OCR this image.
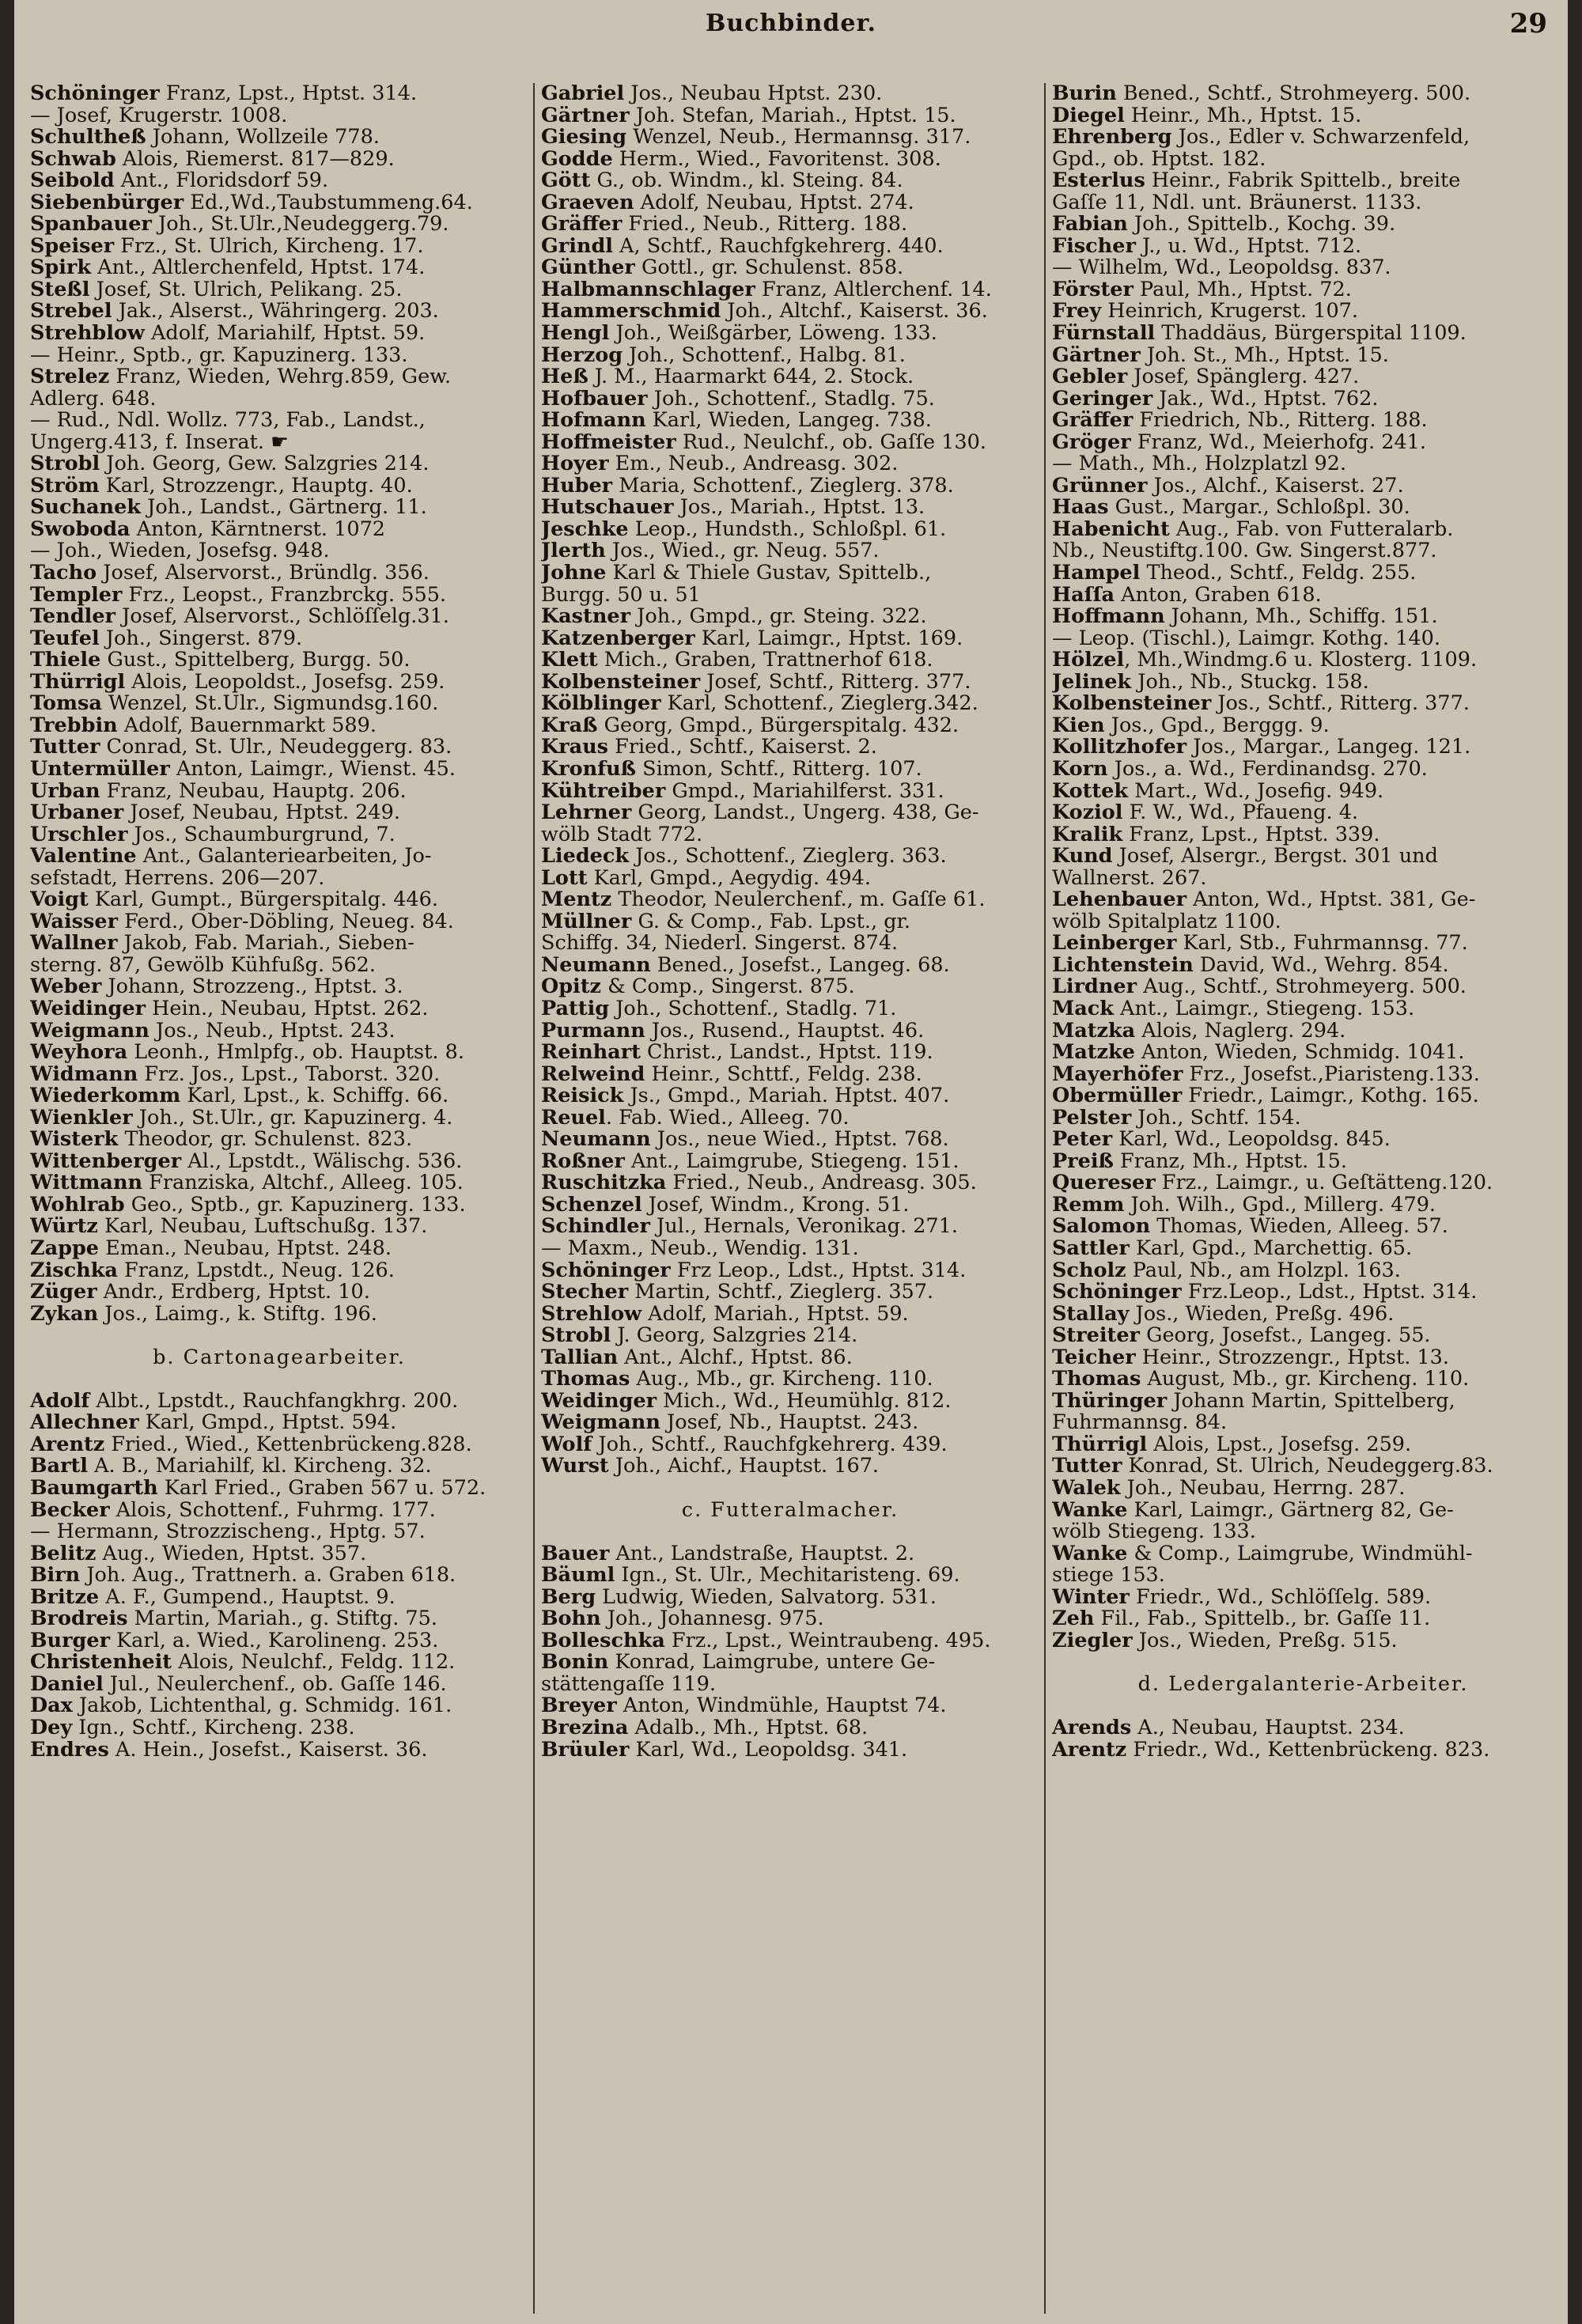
Buchbinder.	29
Schöninger Franz, Lpst., Hptst. 314.
— Josef, Krugerstr. 1008.
Schultheß Johann, Wollzeile 778.
Schwab Alois, Riemerst. 817—829.
Seibold Ant., Floridsdorf 59.
Siebenbürger Ed.,Wd.,Taubstummeng.64.
Spanbauer Joh., St.Ulr.,Neudeggerg.79.
Speiser Frz., St. Ulrich, Kircheng. 17.
Spirk Ant., Altlerchenfeld, Hptst. 174.
Steßl Josef, St. Ulrich, Pelikang. 25.
Strebel Jak., Alserst., Währingerg. 203.
Strehblow Adolf, Mariahilf, Hptst. 59.
— Heinr., Sptb., gr. Kapuzinerg. 133.
Strelez Franz, Wieden, Wehrg.859, Gew.
Adlerg. 648.
— Rud., Ndl. Wollz. 773, Fab., Landst.,
Ungerg.413, f. Inserat. ☛
Strobl Joh. Georg, Gew. Salzgries 214.
Ström Karl, Strozzengr., Hauptg. 40.
Suchanek Joh., Landst., Gärtnerg. 11.
Swoboda Anton, Kärntnerst. 1072
— Joh., Wieden, Josefsg. 948.
Tacho Josef, Alservorst., Bründlg. 356.
Templer Frz., Leopst., Franzbrckg. 555.
Tendler Josef, Alservorst., Schlöſſelg.31.
Teufel Joh., Singerst. 879.
Thiele Gust., Spittelberg, Burgg. 50.
Thürrigl Alois, Leopoldst., Josefsg. 259.
Tomsa Wenzel, St.Ulr., Sigmundsg.160.
Trebbin Adolf, Bauernmarkt 589.
Tutter Conrad, St. Ulr., Neudeggerg. 83.
Untermüller Anton, Laimgr., Wienst. 45.
Urban Franz, Neubau, Hauptg. 206.
Urbaner Josef, Neubau, Hptst. 249.
Urschler Jos., Schaumburgrund, 7.
Valentine Ant., Galanteriearbeiten, Jo-
sefstadt, Herrens. 206—207.
Voigt Karl, Gumpt., Bürgerspitalg. 446.
Waisser Ferd., Ober-Döbling, Neueg. 84.
Wallner Jakob, Fab. Mariah., Sieben-
sterng. 87, Gewölb Kühfußg. 562.
Weber Johann, Strozzeng., Hptst. 3.
Weidinger Hein., Neubau, Hptst. 262.
Weigmann Jos., Neub., Hptst. 243.
Weyhora Leonh., Hmlpfg., ob. Hauptst. 8.
Widmann Frz. Jos., Lpst., Taborst. 320.
Wiederkomm Karl, Lpst., k. Schiffg. 66.
Wienkler Joh., St.Ulr., gr. Kapuzinerg. 4.
Wisterk Theodor, gr. Schulenst. 823.
Wittenberger Al., Lpstdt., Wälischg. 536.
Wittmann Franziska, Altchf., Alleeg. 105.
Wohlrab Geo., Sptb., gr. Kapuzinerg. 133.
Würtz Karl, Neubau, Luftschußg. 137.
Zappe Eman., Neubau, Hptst. 248.
Zischka Franz, Lpstdt., Neug. 126.
Züger Andr., Erdberg, Hptst. 10.
Zykan Jos., Laimg., k. Stiftg. 196.

b. Cartonagearbeiter.

Adolf Albt., Lpstdt., Rauchfangkhrg. 200.
Allechner Karl, Gmpd., Hptst. 594.
Arentz Fried., Wied., Kettenbrückeng.828.
Bartl A. B., Mariahilf, kl. Kircheng. 32.
Baumgarth Karl Fried., Graben 567 u. 572.
Becker Alois, Schottenf., Fuhrmg. 177.
— Hermann, Strozzischeng., Hptg. 57.
Belitz Aug., Wieden, Hptst. 357.
Birn Joh. Aug., Trattnerh. a. Graben 618.
Britze A. F., Gumpend., Hauptst. 9.
Brodreis Martin, Mariah., g. Stiftg. 75.
Burger Karl, a. Wied., Karolineng. 253.
Christenheit Alois, Neulchf., Feldg. 112.
Daniel Jul., Neulerchenf., ob. Gaſſe 146.
Dax Jakob, Lichtenthal, g. Schmidg. 161.
Dey Ign., Schtf., Kircheng. 238.
Endres A. Hein., Josefst., Kaiserst. 36.
Gabriel Jos., Neubau Hptst. 230.
Gärtner Joh. Stefan, Mariah., Hptst. 15.
Giesing Wenzel, Neub., Hermannsg. 317.
Godde Herm., Wied., Favoritenst. 308.
Gött G., ob. Windm., kl. Steing. 84.
Graeven Adolf, Neubau, Hptst. 274.
Gräffer Fried., Neub., Ritterg. 188.
Grindl A, Schtf., Rauchfgkehrerg. 440.
Günther Gottl., gr. Schulenst. 858.
Halbmannschlager Franz, Altlerchenf. 14.
Hammerschmid Joh., Altchf., Kaiserst. 36.
Hengl Joh., Weißgärber, Löweng. 133.
Herzog Joh., Schottenf., Halbg. 81.
Heß J. M., Haarmarkt 644, 2. Stock.
Hofbauer Joh., Schottenf., Stadlg. 75.
Hofmann Karl, Wieden, Langeg. 738.
Hoffmeister Rud., Neulchf., ob. Gaſſe 130.
Hoyer Em., Neub., Andreasg. 302.
Huber Maria, Schottenf., Zieglerg. 378.
Hutschauer Jos., Mariah., Hptst. 13.
Jeschke Leop., Hundsth., Schloßpl. 61.
Jlerth Jos., Wied., gr. Neug. 557.
Johne Karl & Thiele Gustav, Spittelb.,
Burgg. 50 u. 51
Kastner Joh., Gmpd., gr. Steing. 322.
Katzenberger Karl, Laimgr., Hptst. 169.
Klett Mich., Graben, Trattnerhof 618.
Kolbensteiner Josef, Schtf., Ritterg. 377.
Kölblinger Karl, Schottenf., Zieglerg.342.
Kraß Georg, Gmpd., Bürgerspitalg. 432.
Kraus Fried., Schtf., Kaiserst. 2.
Kronfuß Simon, Schtf., Ritterg. 107.
Kühtreiber Gmpd., Mariahilferst. 331.
Lehrner Georg, Landst., Ungerg. 438, Ge-
wölb Stadt 772.
Liedeck Jos., Schottenf., Zieglerg. 363.
Lott Karl, Gmpd., Aegydig. 494.
Mentz Theodor, Neulerchenf., m. Gaſſe 61.
Müllner G. & Comp., Fab. Lpst., gr.
Schiffg. 34, Niederl. Singerst. 874.
Neumann Bened., Josefst., Langeg. 68.
Opitz & Comp., Singerst. 875.
Pattig Joh., Schottenf., Stadlg. 71.
Purmann Jos., Rusend., Hauptst. 46.
Reinhart Christ., Landst., Hptst. 119.
Relweind Heinr., Schttf., Feldg. 238.
Reisick Js., Gmpd., Mariah. Hptst. 407.
Reuel. Fab. Wied., Alleeg. 70.
Neumann Jos., neue Wied., Hptst. 768.
Roßner Ant., Laimgrube, Stiegeng. 151.
Ruschitzka Fried., Neub., Andreasg. 305.
Schenzel Josef, Windm., Krong. 51.
Schindler Jul., Hernals, Veronikag. 271.
— Maxm., Neub., Wendig. 131.
Schöninger Frz Leop., Ldst., Hptst. 314.
Stecher Martin, Schtf., Zieglerg. 357.
Strehlow Adolf, Mariah., Hptst. 59.
Strobl J. Georg, Salzgries 214.
Tallian Ant., Alchf., Hptst. 86.
Thomas Aug., Mb., gr. Kircheng. 110.
Weidinger Mich., Wd., Heumühlg. 812.
Weigmann Josef, Nb., Hauptst. 243.
Wolf Joh., Schtf., Rauchfgkehrerg. 439.
Wurst Joh., Aichf., Hauptst. 167.

c. Futteralmacher.

Bauer Ant., Landstraße, Hauptst. 2.
Bäuml Ign., St. Ulr., Mechitaristeng. 69.
Berg Ludwig, Wieden, Salvatorg. 531.
Bohn Joh., Johannesg. 975.
Bolleschka Frz., Lpst., Weintraubeng. 495.
Bonin Konrad, Laimgrube, untere Ge-
stättengaſſe 119.
Breyer Anton, Windmühle, Hauptst 74.
Brezina Adalb., Mh., Hptst. 68.
Brüuler Karl, Wd., Leopoldsg. 341.
Burin Bened., Schtf., Strohmeyerg. 500.
Diegel Heinr., Mh., Hptst. 15.
Ehrenberg Jos., Edler v. Schwarzenfeld,
Gpd., ob. Hptst. 182.
Esterlus Heinr., Fabrik Spittelb., breite
Gaſſe 11, Ndl. unt. Bräunerst. 1133.
Fabian Joh., Spittelb., Kochg. 39.
Fischer J., u. Wd., Hptst. 712.
— Wilhelm, Wd., Leopoldsg. 837.
Förster Paul, Mh., Hptst. 72.
Frey Heinrich, Krugerst. 107.
Fürnstall Thaddäus, Bürgerspital 1109.
Gärtner Joh. St., Mh., Hptst. 15.
Gebler Josef, Spänglerg. 427.
Geringer Jak., Wd., Hptst. 762.
Gräffer Friedrich, Nb., Ritterg. 188.
Gröger Franz, Wd., Meierhofg. 241.
— Math., Mh., Holzplatzl 92.
Grünner Jos., Alchf., Kaiserst. 27.
Haas Gust., Margar., Schloßpl. 30.
Habenicht Aug., Fab. von Futteralarb.
Nb., Neustiftg.100. Gw. Singerst.877.
Hampel Theod., Schtf., Feldg. 255.
Haſſa Anton, Graben 618.
Hoffmann Johann, Mh., Schiffg. 151.
— Leop. (Tischl.), Laimgr. Kothg. 140.
Hölzel, Mh.,Windmg.6 u. Klosterg. 1109.
Jelinek Joh., Nb., Stuckg. 158.
Kolbensteiner Jos., Schtf., Ritterg. 377.
Kien Jos., Gpd., Berggg. 9.
Kollitzhofer Jos., Margar., Langeg. 121.
Korn Jos., a. Wd., Ferdinandsg. 270.
Kottek Mart., Wd., Josefig. 949.
Koziol F. W., Wd., Pfaueng. 4.
Kralik Franz, Lpst., Hptst. 339.
Kund Josef, Alsergr., Bergst. 301 und
Wallnerst. 267.
Lehenbauer Anton, Wd., Hptst. 381, Ge-
wölb Spitalplatz 1100.
Leinberger Karl, Stb., Fuhrmannsg. 77.
Lichtenstein David, Wd., Wehrg. 854.
Lirdner Aug., Schtf., Strohmeyerg. 500.
Mack Ant., Laimgr., Stiegeng. 153.
Matzka Alois, Naglerg. 294.
Matzke Anton, Wieden, Schmidg. 1041.
Mayerhöfer Frz., Josefst.,Piaristeng.133.
Obermüller Friedr., Laimgr., Kothg. 165.
Pelster Joh., Schtf. 154.
Peter Karl, Wd., Leopoldsg. 845.
Preiß Franz, Mh., Hptst. 15.
Quereser Frz., Laimgr., u. Geſtätteng.120.
Remm Joh. Wilh., Gpd., Millerg. 479.
Salomon Thomas, Wieden, Alleeg. 57.
Sattler Karl, Gpd., Marchettig. 65.
Scholz Paul, Nb., am Holzpl. 163.
Schöninger Frz.Leop., Ldst., Hptst. 314.
Stallay Jos., Wieden, Preßg. 496.
Streiter Georg, Josefst., Langeg. 55.
Teicher Heinr., Strozzengr., Hptst. 13.
Thomas August, Mb., gr. Kircheng. 110.
Thüringer Johann Martin, Spittelberg,
Fuhrmannsg. 84.
Thürrigl Alois, Lpst., Josefsg. 259.
Tutter Konrad, St. Ulrich, Neudeggerg.83.
Walek Joh., Neubau, Herrng. 287.
Wanke Karl, Laimgr., Gärtnerg 82, Ge-
wölb Stiegeng. 133.
Wanke & Comp., Laimgrube, Windmühl-
stiege 153.
Winter Friedr., Wd., Schlöſſelg. 589.
Zeh Fil., Fab., Spittelb., br. Gaſſe 11.
Ziegler Jos., Wieden, Preßg. 515.

d. Ledergalanterie-Arbeiter.

Arends A., Neubau, Hauptst. 234.
Arentz Friedr., Wd., Kettenbrückeng. 823.
